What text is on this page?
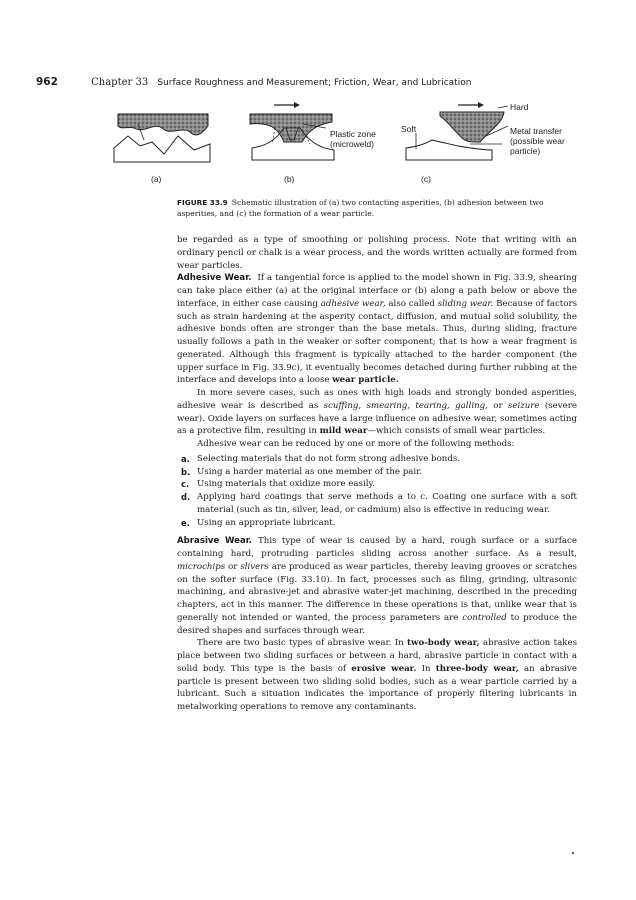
962	Chapter 33 Surface Roughness and Measurement; Friction, Wear, and Lubrication
(a)	(b)	(c)
Plastic zone
(microweld)
Soft
Hard
Metal transfer
(possible wear
particle)
FIGURE 33.9 Schematic illustration of (a) two contacting asperities, (b) adhesion between two asperities, and (c) the formation of a wear particle.

be regarded as a type of smoothing or polishing process. Note that writing with an ordinary pencil or chalk is a wear process, and the words written actually are formed from wear particles.

Adhesive Wear. If a tangential force is applied to the model shown in Fig. 33.9, shearing can take place either (a) at the original interface or (b) along a path below or above the interface, in either case causing adhesive wear, also called sliding wear. Because of factors such as strain hardening at the asperity contact, diffusion, and mutual solid solubility, the adhesive bonds often are stronger than the base metals. Thus, during sliding, fracture usually follows a path in the weaker or softer component; that is how a wear fragment is generated. Although this fragment is typically attached to the harder component (the upper surface in Fig. 33.9c), it eventually becomes detached during further rubbing at the interface and develops into a loose wear particle.

In more severe cases, such as ones with high loads and strongly bonded asperities, adhesive wear is described as scuffing, smearing, tearing, galling, or seizure (severe wear). Oxide layers on surfaces have a large influence on adhesive wear, sometimes acting as a protective film, resulting in mild wear—which consists of small wear particles.

Adhesive wear can be reduced by one or more of the following methods:

a. Selecting materials that do not form strong adhesive bonds.
b. Using a harder material as one member of the pair.
c. Using materials that oxidize more easily.
d. Applying hard coatings that serve methods a to c. Coating one surface with a soft material (such as tin, silver, lead, or cadmium) also is effective in reducing wear.
e. Using an appropriate lubricant.

Abrasive Wear. This type of wear is caused by a hard, rough surface or a surface containing hard, protruding particles sliding across another surface. As a result, microchips or slivers are produced as wear particles, thereby leaving grooves or scratches on the softer surface (Fig. 33.10). In fact, processes such as filing, grinding, ultrasonic machining, and abrasive-jet and abrasive water-jet machining, described in the preceding chapters, act in this manner. The difference in these operations is that, unlike wear that is generally not intended or wanted, the process parameters are controlled to produce the desired shapes and surfaces through wear.

There are two basic types of abrasive wear. In two-body wear, abrasive action takes place between two sliding surfaces or between a hard, abrasive particle in contact with a solid body. This type is the basis of erosive wear. In three-body wear, an abrasive particle is present between two sliding solid bodies, such as a wear particle carried by a lubricant. Such a situation indicates the importance of properly filtering lubricants in metalworking operations to remove any contaminants.
